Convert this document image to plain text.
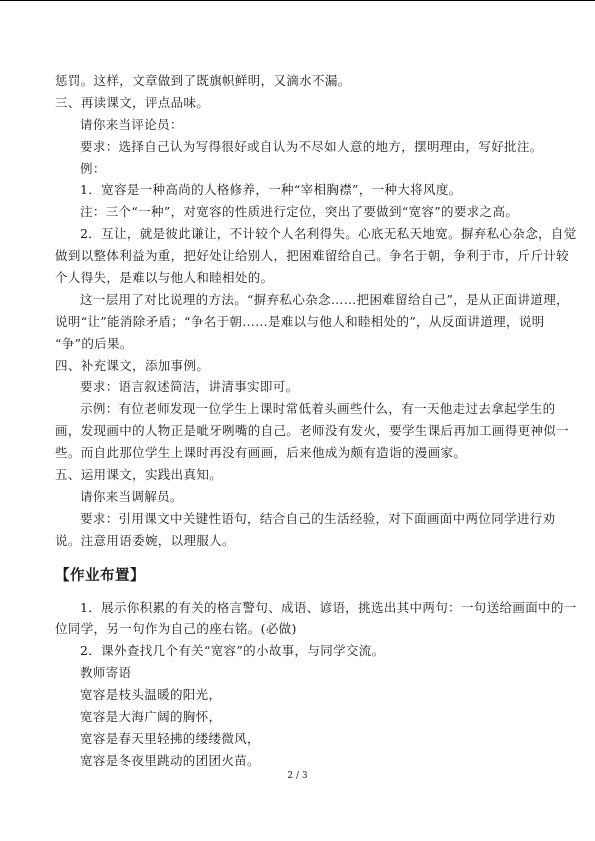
惩罚。这样，文章做到了既旗帜鲜明，又滴水不漏。
三、再读课文，评点品味。
请你来当评论员：
要求：选择自己认为写得很好或自认为不尽如人意的地方，摆明理由，写好批注。
例：
1．宽容是一种高尚的人格修养，一种“宰相胸襟”，一种大将风度。
注：三个“一种”，对宽容的性质进行定位，突出了要做到“宽容”的要求之高。
2．互让，就是彼此谦让，不计较个人名利得失。心底无私天地宽。摒弃私心杂念，自觉
做到以整体利益为重，把好处让给别人，把困难留给自己。争名于朝，争利于市，斤斤计较
个人得失，是难以与他人和睦相处的。
这一层用了对比说理的方法。“摒弃私心杂念……把困难留给自己”，是从正面讲道理，
说明“让”能消除矛盾；“争名于朝……是难以与他人和睦相处的”，从反面讲道理，说明
“争”的后果。
四、补充课文，添加事例。
要求：语言叙述简洁，讲清事实即可。
示例：有位老师发现一位学生上课时常低着头画些什么，有一天他走过去拿起学生的
画，发现画中的人物正是呲牙咧嘴的自己。老师没有发火，要学生课后再加工画得更神似一
些。而自此那位学生上课时再没有画画，后来他成为颇有造诣的漫画家。
五、运用课文，实践出真知。
请你来当调解员。
要求：引用课文中关键性语句，结合自己的生活经验，对下面画面中两位同学进行劝
说。注意用语委婉，以理服人。
【作业布置】
1．展示你积累的有关的格言警句、成语、谚语，挑选出其中两句：一句送给画面中的一
位同学，另一句作为自己的座右铭。(必做)
2．课外查找几个有关“宽容”的小故事，与同学交流。
教师寄语
宽容是枝头温暖的阳光，
宽容是大海广阔的胸怀，
宽容是春天里轻拂的缕缕微风，
宽容是冬夜里跳动的团团火苗。
2 / 3
